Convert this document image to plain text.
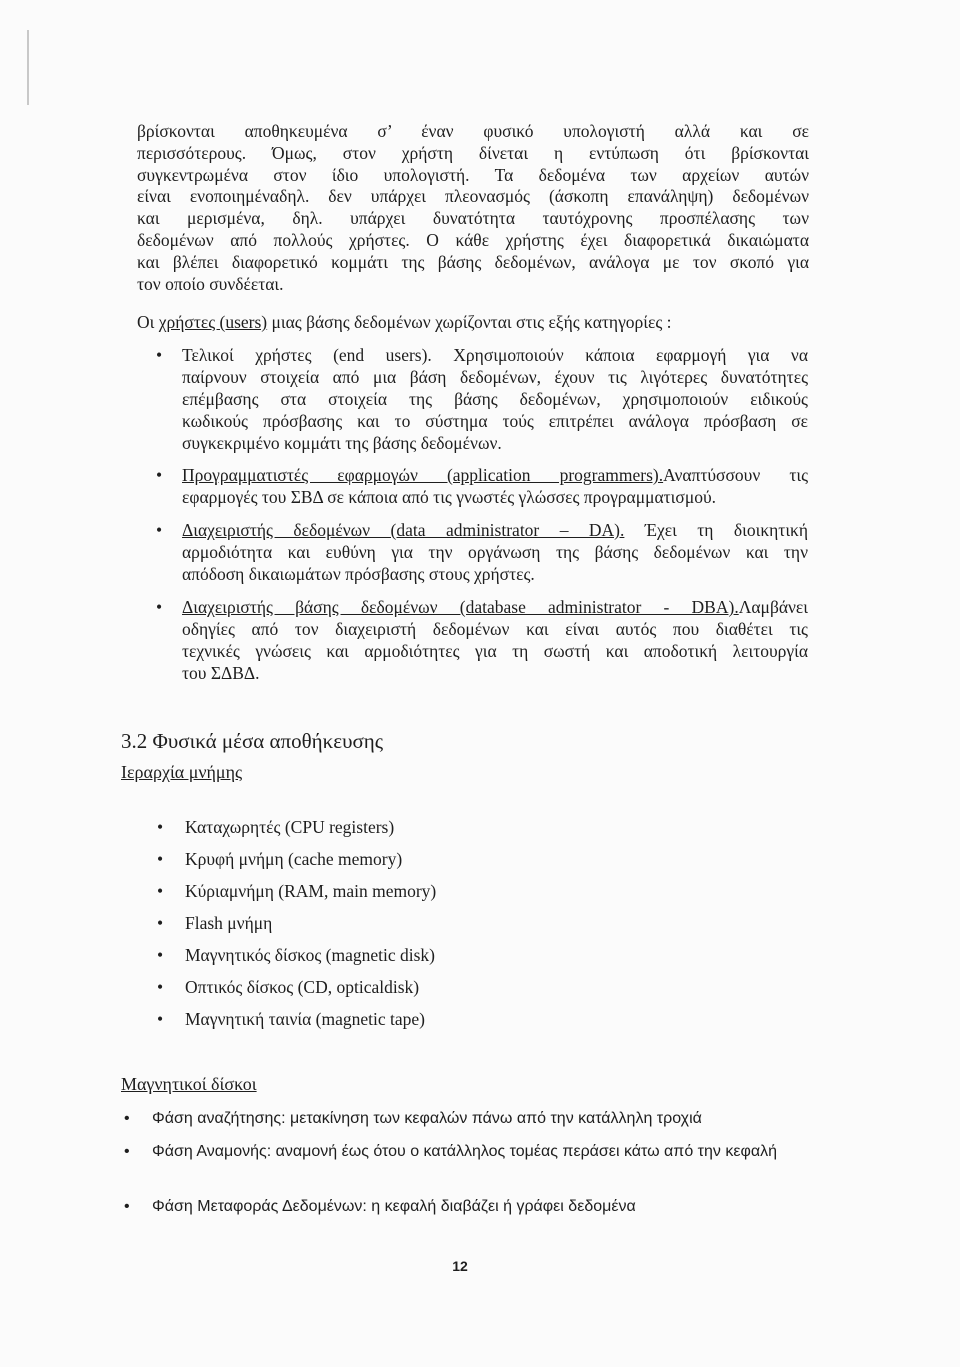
βρίσκονται αποθηκευμένα σ’ έναν φυσικό υπολογιστή αλλά και σε
περισσότερους. Όμως, στον χρήστη δίνεται η εντύπωση ότι βρίσκονται
συγκεντρωμένα στον ίδιο υπολογιστή. Τα δεδομένα των αρχείων αυτών
είναι ενοποιημέναδηλ. δεν υπάρχει πλεονασμός (άσκοπη επανάληψη) δεδομένων
και μερισμένα, δηλ. υπάρχει δυνατότητα ταυτόχρονης προσπέλασης των
δεδομένων από πολλούς χρήστες. Ο κάθε χρήστης έχει διαφορετικά δικαιώματα
και βλέπει διαφορετικό κομμάτι της βάσης δεδομένων, ανάλογα με τον σκοπό για
τον οποίο συνδέεται.
Οι χρήστες (users) μιας βάσης δεδομένων χωρίζονται στις εξής κατηγορίες :
• Τελικοί χρήστες (end users). Χρησιμοποιούν κάποια εφαρμογή για να
παίρνουν στοιχεία από μια βάση δεδομένων, έχουν τις λιγότερες δυνατότητες
επέμβασης στα στοιχεία της βάσης δεδομένων, χρησιμοποιούν ειδικούς
κωδικούς πρόσβασης και το σύστημα τούς επιτρέπει ανάλογα πρόσβαση σε
συγκεκριμένο κομμάτι της βάσης δεδομένων.
• Προγραμματιστές εφαρμογών (application programmers).Αναπτύσσουν τις
εφαρμογές του ΣΒΔ σε κάποια από τις γνωστές γλώσσες προγραμματισμού.
• Διαχειριστής δεδομένων (data administrator – DA). Έχει τη διοικητική
αρμοδιότητα και ευθύνη για την οργάνωση της βάσης δεδομένων και την
απόδοση δικαιωμάτων πρόσβασης στους χρήστες.
• Διαχειριστής βάσης δεδομένων (database administrator - DBA).Λαμβάνει
οδηγίες από τον διαχειριστή δεδομένων και είναι αυτός που διαθέτει τις
τεχνικές γνώσεις και αρμοδιότητες για τη σωστή και αποδοτική λειτουργία
του ΣΔΒΔ.
3.2 Φυσικά μέσα αποθήκευσης
Ιεραρχία μνήμης
• Καταχωρητές (CPU registers)
• Κρυφή μνήμη (cache memory)
• Κύριαμνήμη (RAM, main memory)
• Flash μνήμη
• Μαγνητικός δίσκος (magnetic disk)
• Οπτικός δίσκος (CD, opticaldisk)
• Μαγνητική ταινία (magnetic tape)
Μαγνητικοί δίσκοι
• Φάση αναζήτησης: μετακίνηση των κεφαλών πάνω από την κατάλληλη τροχιά
• Φάση Αναμονής: αναμονή έως ότου ο κατάλληλος τομέας περάσει κάτω από την κεφαλή
• Φάση Μεταφοράς Δεδομένων: η κεφαλή διαβάζει ή γράφει δεδομένα
12
